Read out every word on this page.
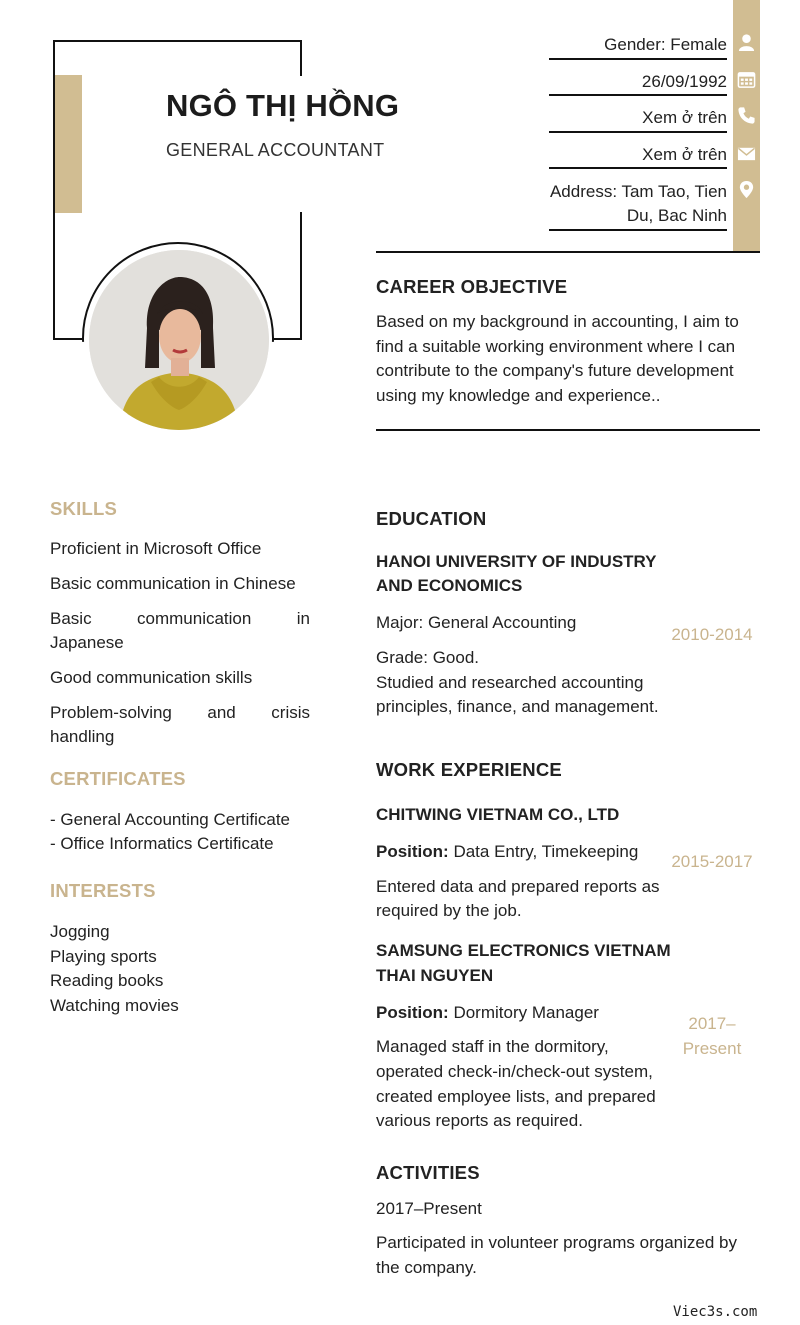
NGÔ THỊ HỒNG
GENERAL ACCOUNTANT
Gender: Female
26/09/1992
Xem ở trên
Xem ở trên
Address: Tam Tao, Tien
Du, Bac Ninh
CAREER OBJECTIVE
Based on my background in accounting, I aim to
find a suitable working environment where I can
contribute to the company's future development
using my knowledge and experience..
SKILLS
Proficient in Microsoft Office
Basic communication in Chinese
Basic communication in
Japanese
Good communication skills
Problem-solving and crisis
handling
CERTIFICATES
- General Accounting Certificate
- Office Informatics Certificate
INTERESTS
Jogging
Playing sports
Reading books
Watching movies
EDUCATION
HANOI UNIVERSITY OF INDUSTRY
AND ECONOMICS
Major: General Accounting
Grade: Good.
Studied and researched accounting
principles, finance, and management.
2010-2014
WORK EXPERIENCE
CHITWING VIETNAM CO., LTD
Position: Data Entry, Timekeeping
Entered data and prepared reports as
required by the job.
2015-2017
SAMSUNG ELECTRONICS VIETNAM
THAI NGUYEN
Position: Dormitory Manager
Managed staff in the dormitory,
operated check-in/check-out system,
created employee lists, and prepared
various reports as required.
2017–
Present
ACTIVITIES
2017–Present
Participated in volunteer programs organized by
the company.
Viec3s.com
